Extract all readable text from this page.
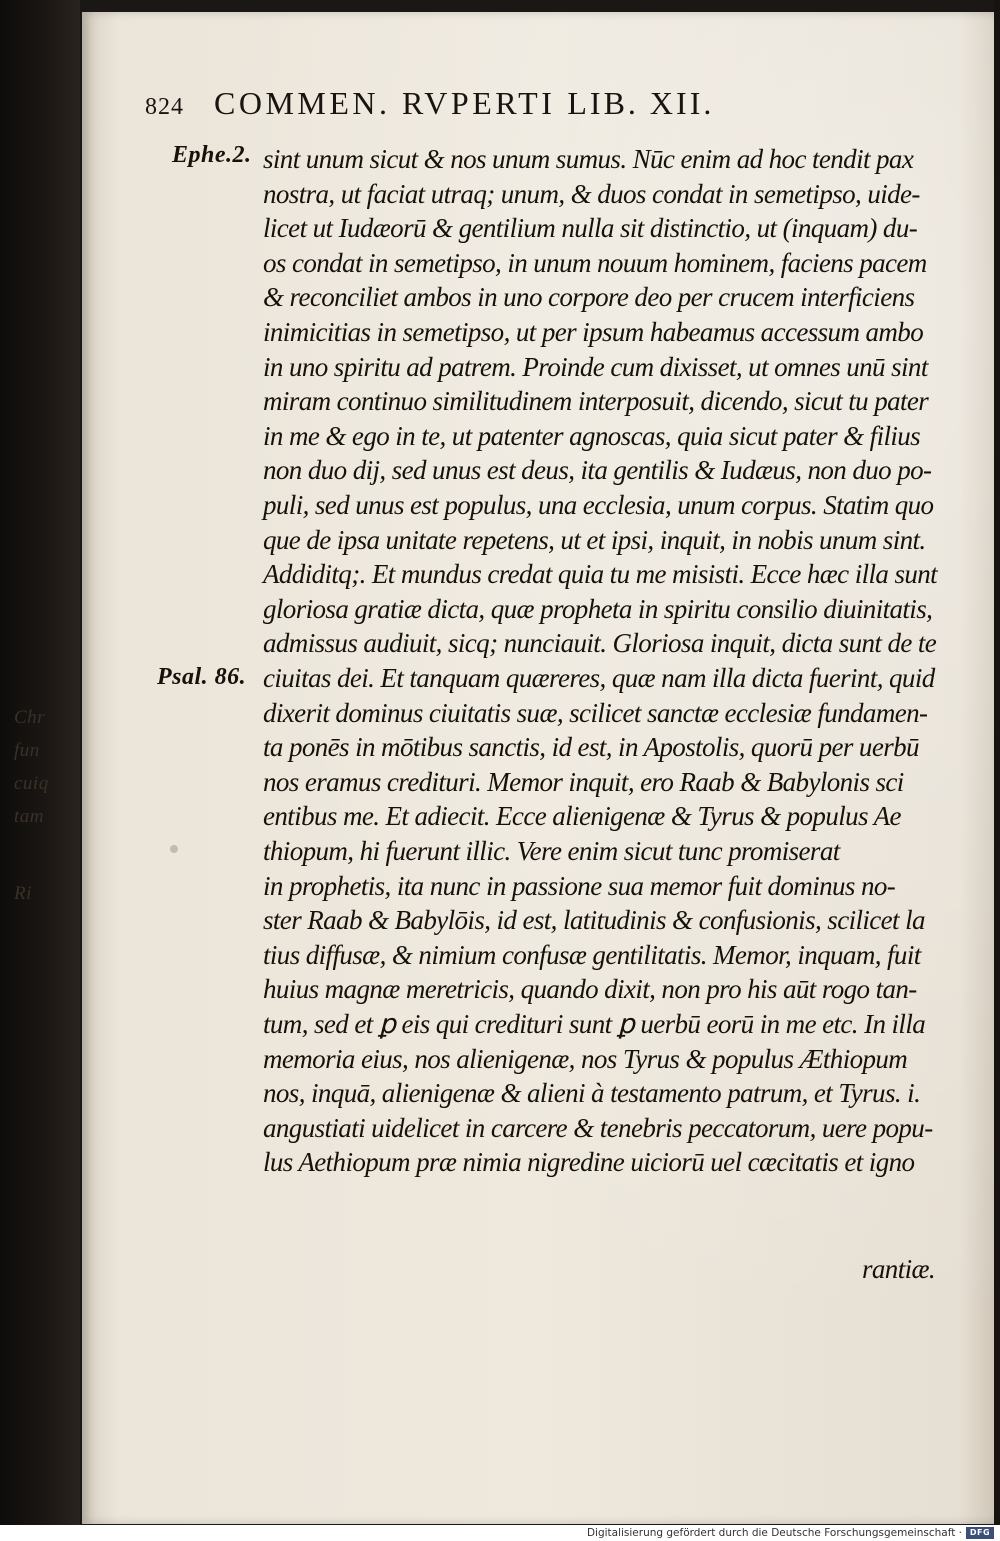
Chr
fun
cuiq
tam
Ri
824 COMMEN. RVPERTI LIB. XII.
Ephe.2.
Psal. 86.
sint unum sicut & nos unum sumus. Nūc enim ad hoc tendit pax
nostra, ut faciat utraq; unum, & duos condat in semetipso, uide-
licet ut Iudæorū & gentilium nulla sit distinctio, ut (inquam) du-
os condat in semetipso, in unum nouum hominem, faciens pacem
& reconciliet ambos in uno corpore deo per crucem interficiens
inimicitias in semetipso, ut per ipsum habeamus accessum ambo
in uno spiritu ad patrem. Proinde cum dixisset, ut omnes unū sint
miram continuo similitudinem interposuit, dicendo, sicut tu pater
in me & ego in te, ut patenter agnoscas, quia sicut pater & filius
non duo dij, sed unus est deus, ita gentilis & Iudæus, non duo po-
puli, sed unus est populus, una ecclesia, unum corpus. Statim quo
que de ipsa unitate repetens, ut et ipsi, inquit, in nobis unum sint.
Addiditq;. Et mundus credat quia tu me misisti. Ecce hæc illa sunt
gloriosa gratiæ dicta, quæ propheta in spiritu consilio diuinitatis,
admissus audiuit, sicq; nunciauit. Gloriosa inquit, dicta sunt de te
ciuitas dei. Et tanquam quæreres, quæ nam illa dicta fuerint, quid
dixerit dominus ciuitatis suæ, scilicet sanctæ ecclesiæ fundamen-
ta ponēs in mōtibus sanctis, id est, in Apostolis, quorū per uerbū
nos eramus credituri. Memor inquit, ero Raab & Babylonis sci
entibus me. Et adiecit. Ecce alienigenæ & Tyrus & populus Ae
thiopum, hi fuerunt illic. Vere enim sicut tunc promiserat
in prophetis, ita nunc in passione sua memor fuit dominus no-
ster Raab & Babylōis, id est, latitudinis & confusionis, scilicet la
tius diffusæ, & nimium confusæ gentilitatis. Memor, inquam, fuit
huius magnæ meretricis, quando dixit, non pro his aūt rogo tan-
tum, sed et ꝑ eis qui credituri sunt ꝑ uerbū eorū in me etc. In illa
memoria eius, nos alienigenæ, nos Tyrus & populus Æthiopum
nos, inquā, alienigenæ & alieni à testamento patrum, et Tyrus. i.
angustiati uidelicet in carcere & tenebris peccatorum, uere popu-
lus Aethiopum præ nimia nigredine uiciorū uel cæcitatis et igno
rantiæ.
Digitalisierung gefördert durch die Deutsche Forschungsgemeinschaft · DFG
